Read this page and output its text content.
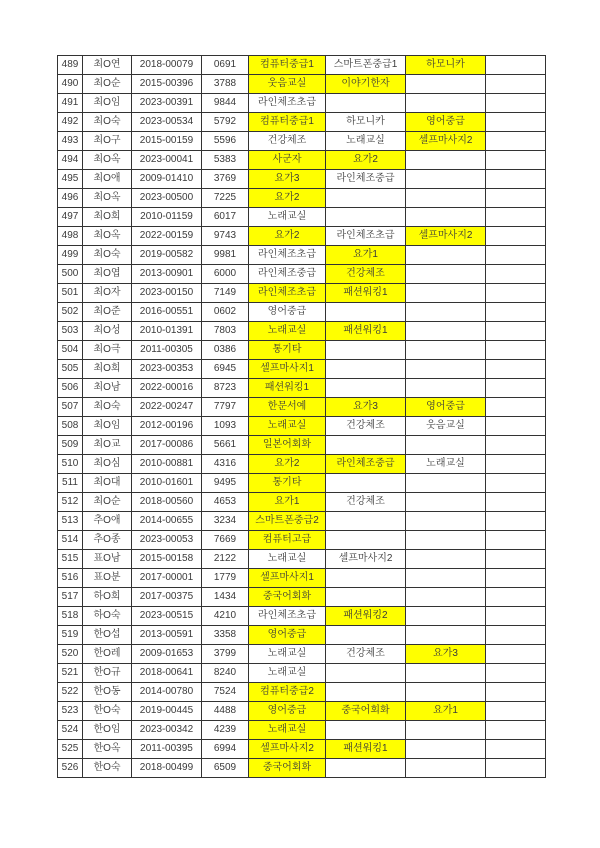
489	최O연	2018-00079	0691	컴퓨터중급1	스마트폰중급1	하모니카	
490	최O순	2015-00396	3788	웃음교실	이야기한자		
491	최O임	2023-00391	9844	라인체조초급			
492	최O숙	2023-00534	5792	컴퓨터중급1	하모니카	영어중급	
493	최O구	2015-00159	5596	건강체조	노래교실	셀프마사지2	
494	최O옥	2023-00041	5383	사군자	요가2		
495	최O애	2009-01410	3769	요가3	라인체조중급		
496	최O옥	2023-00500	7225	요가2			
497	최O희	2010-01159	6017	노래교실			
498	최O옥	2022-00159	9743	요가2	라인체조초급	셀프마사지2	
499	최O숙	2019-00582	9981	라인체조초급	요가1		
500	최O엽	2013-00901	6000	라인체조중급	건강체조		
501	최O자	2023-00150	7149	라인체조초급	패션워킹1		
502	최O준	2016-00551	0602	영어중급			
503	최O성	2010-01391	7803	노래교실	패션워킹1		
504	최O극	2011-00305	0386	통기타			
505	최O희	2023-00353	6945	셀프마사지1			
506	최O남	2022-00016	8723	패션워킹1			
507	최O숙	2022-00247	7797	한문서예	요가3	영어중급	
508	최O임	2012-00196	1093	노래교실	건강체조	웃음교실	
509	최O교	2017-00086	5661	일본어회화			
510	최O심	2010-00881	4316	요가2	라인체조중급	노래교실	
511	최O대	2010-01601	9495	통기타			
512	최O순	2018-00560	4653	요가1	건강체조		
513	추O애	2014-00655	3234	스마트폰중급2			
514	추O종	2023-00053	7669	컴퓨터고급			
515	표O남	2015-00158	2122	노래교실	셀프마사지2		
516	표O분	2017-00001	1779	셀프마사지1			
517	하O희	2017-00375	1434	중국어회화			
518	하O숙	2023-00515	4210	라인체조초급	패션워킹2		
519	한O섭	2013-00591	3358	영어중급			
520	한O레	2009-01653	3799	노래교실	건강체조	요가3	
521	한O규	2018-00641	8240	노래교실			
522	한O동	2014-00780	7524	컴퓨터중급2			
523	한O숙	2019-00445	4488	영어중급	중국어회화	요가1	
524	한O임	2023-00342	4239	노래교실			
525	한O옥	2011-00395	6994	셀프마사지2	패션워킹1		
526	한O숙	2018-00499	6509	중국어회화			
